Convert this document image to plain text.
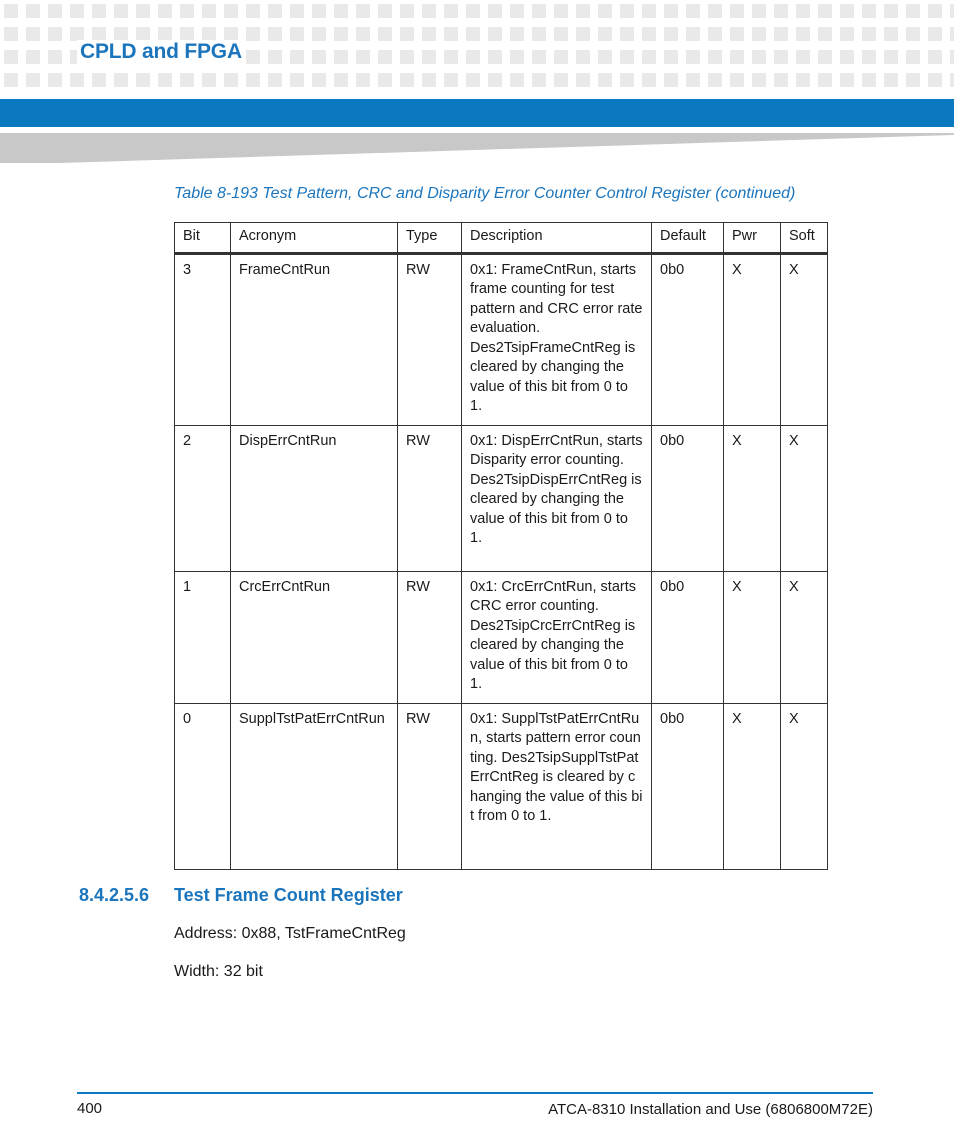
CPLD and FPGA
Table 8-193 Test Pattern, CRC and Disparity Error Counter Control Register (continued)
Bit	Acronym	Type	Description	Default	Pwr	Soft
3	FrameCntRun	RW	0x1: FrameCntRun, starts frame counting for test pattern and CRC error rate evaluation. Des2TsipFrameCntReg is cleared by changing the value of this bit from 0 to 1.	0b0	X	X
2	DispErrCntRun	RW	0x1: DispErrCntRun, starts Disparity error counting. Des2TsipDispErrCntReg is cleared by changing the value of this bit from 0 to 1.	0b0	X	X
1	CrcErrCntRun	RW	0x1: CrcErrCntRun, starts CRC error counting. Des2TsipCrcErrCntReg is cleared by changing the value of this bit from 0 to 1.	0b0	X	X
0	SupplTstPatErrCntRun	RW	0x1: SupplTstPatErrCntRun, starts pattern error counting. Des2TsipSupplTstPatErrCntReg is cleared by changing the value of this bit from 0 to 1.	0b0	X	X
8.4.2.5.6 Test Frame Count Register
Address: 0x88, TstFrameCntReg
Width: 32 bit
400	ATCA-8310 Installation and Use (6806800M72E)
